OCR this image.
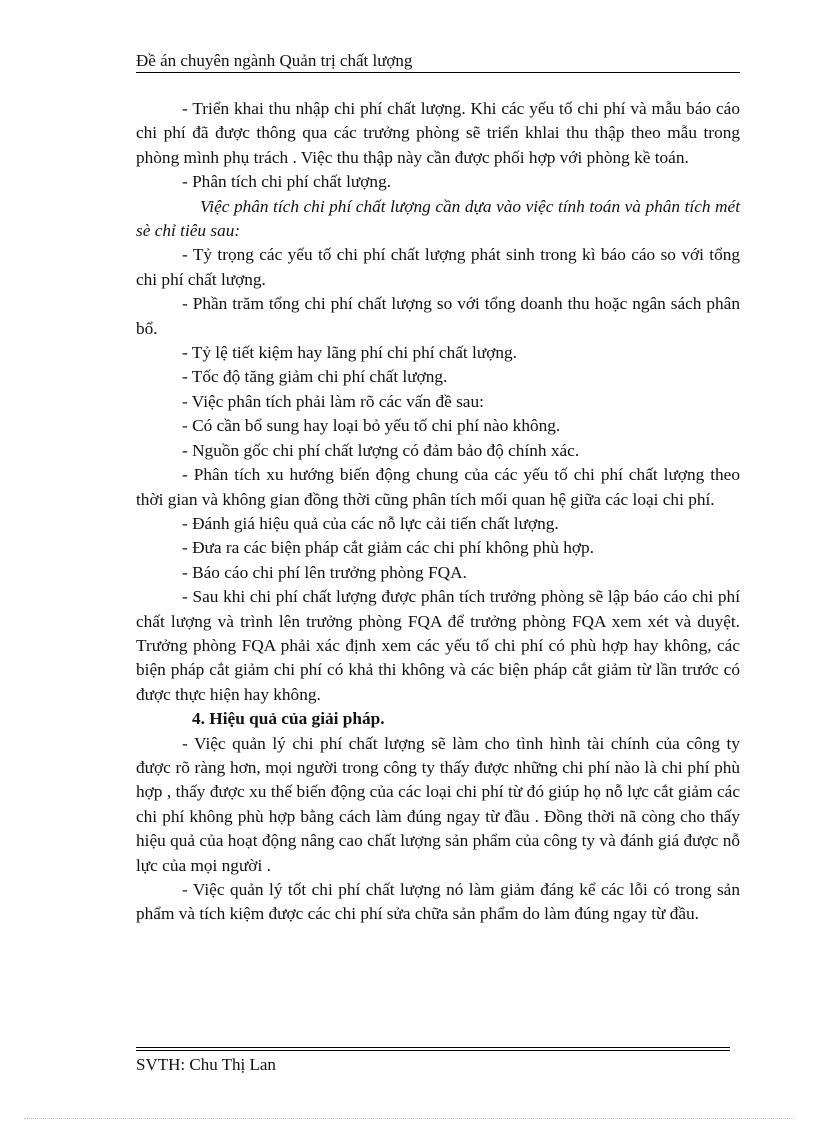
Đề án chuyên ngành Quản trị chất lượng

- Triển khai thu nhập chi phí chất lượng. Khi các yếu tố chi phí và mẫu báo cáo chi phí đã được thông qua các trưởng phòng sẽ triển khlai thu thập theo mẫu trong phòng mình phụ trách . Việc thu thập này cần được phối hợp với phòng kề toán.

- Phân tích chi phí chất lượng.

Việc phân tích chi phí chất lượng cần dựa vào việc tính toán và phân tích mét sè chỉ tiêu sau:

- Tỷ trọng các yếu tố chi phí chất lượng phát sinh trong kì báo cáo so với tổng chi phí chất lượng.

- Phần trăm tổng chi phí chất lượng so với tổng doanh thu hoặc ngân sách phân bổ.

- Tỷ lệ tiết kiệm hay lãng phí chi phí chất lượng.

- Tốc độ tăng giảm chi phí chất lượng.

- Việc phân tích phải làm rõ các vấn đề sau:

- Có cần bổ sung hay loại bỏ yếu tố chi phí nào không.

- Nguồn gốc chi phí chất lượng có đảm bảo độ chính xác.

- Phân tích xu hướng biến động chung của các yếu tố chi phí chất lượng theo thời gian và không gian đồng thời cũng phân tích mối quan hệ giữa các loại chi phí.

- Đánh giá hiệu quả của các nỗ lực cải tiến chất lượng.

- Đưa ra các biện pháp cắt giảm các chi phí không phù hợp.

- Báo cáo chi phí lên trưởng phòng FQA.

- Sau khi chi phí chất lượng được phân tích trưởng phòng sẽ lập báo cáo chi phí chất lượng và trình lên trưởng phòng FQA để trưởng phòng FQA xem xét và duyệt. Trưởng phòng FQA phải xác định xem các yếu tố chi phí có phù hợp hay không, các biện pháp cắt giảm chi phí có khả thi không và các biện pháp cắt giảm từ lần trước có được thực hiện hay không.

4. Hiệu quả của giải pháp.

- Việc quản lý chi phí chất lượng sẽ làm cho tình hình tài chính của công ty được rõ ràng hơn, mọi người trong công ty thấy được những chi phí nào là chi phí phù hợp , thấy được xu thế biến động của các loại chi phí từ đó giúp họ nỗ lực cắt giảm các chi phí không phù hợp bằng cách làm đúng ngay từ đầu . Đồng thời nã còng cho thấy hiệu quả của hoạt động nâng cao chất lượng sản phẩm của công ty và đánh giá được nỗ lực của mọi người .

- Việc quản lý tốt chi phí chất lượng nó làm giảm đáng kể các lỗi có trong sản phẩm và tích kiệm được các chi phí sửa chữa sản phẩm do làm đúng ngay từ đầu.

SVTH: Chu Thị Lan
